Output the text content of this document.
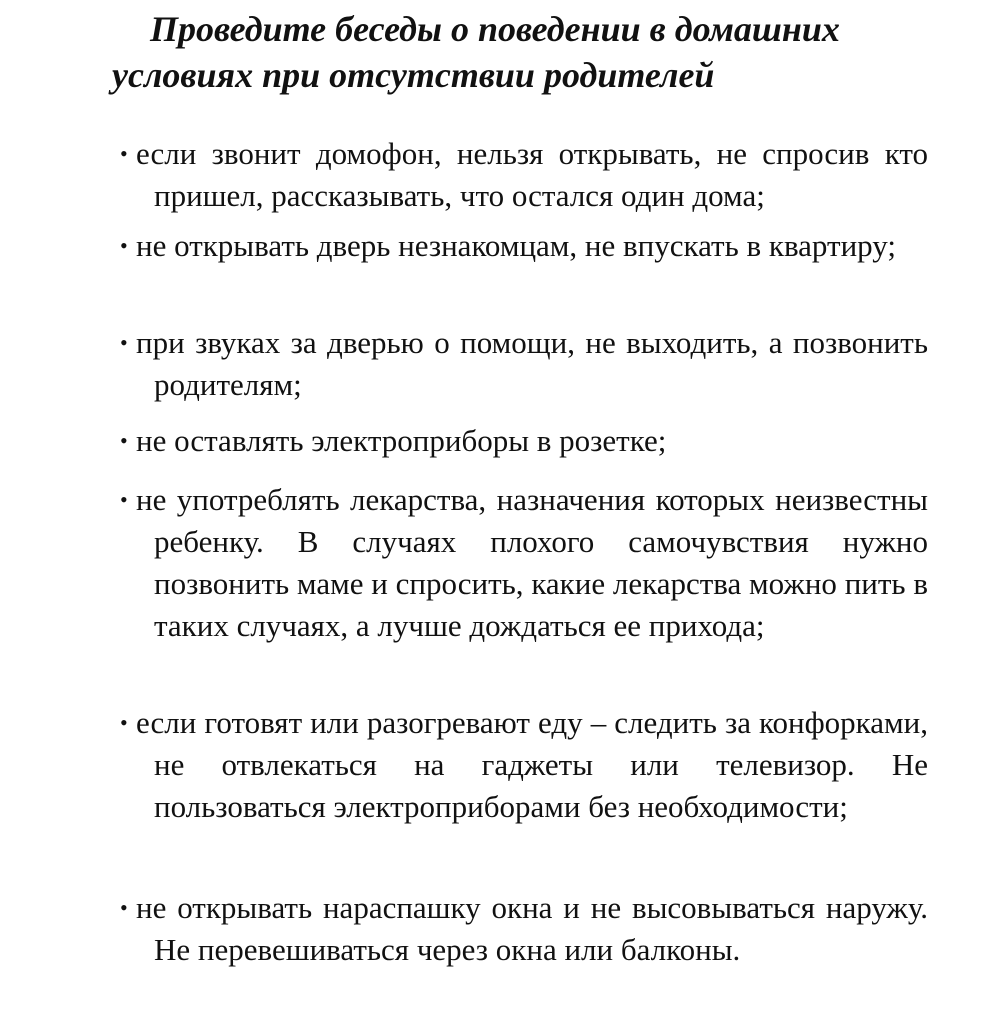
Проведите беседы о поведении в домашних
условиях при отсутствии родителей
• если звонит домофон, нельзя открывать, не спросив кто пришел, рассказывать, что остался один дома;
• не открывать дверь незнакомцам, не впускать в квартиру;
• при звуках за дверью о помощи, не выходить, а позвонить родителям;
• не оставлять электроприборы в розетке;
• не употреблять лекарства, назначения которых неизвестны ребенку. В случаях плохого самочувствия нужно позвонить маме и спросить, какие лекарства можно пить в таких случаях, а лучше дождаться ее прихода;
• если готовят или разогревают еду – следить за конфорками, не отвлекаться на гаджеты или телевизор. Не пользоваться электроприборами без необходимости;
• не открывать нараспашку окна и не высовываться наружу. Не перевешиваться через окна или балконы.
